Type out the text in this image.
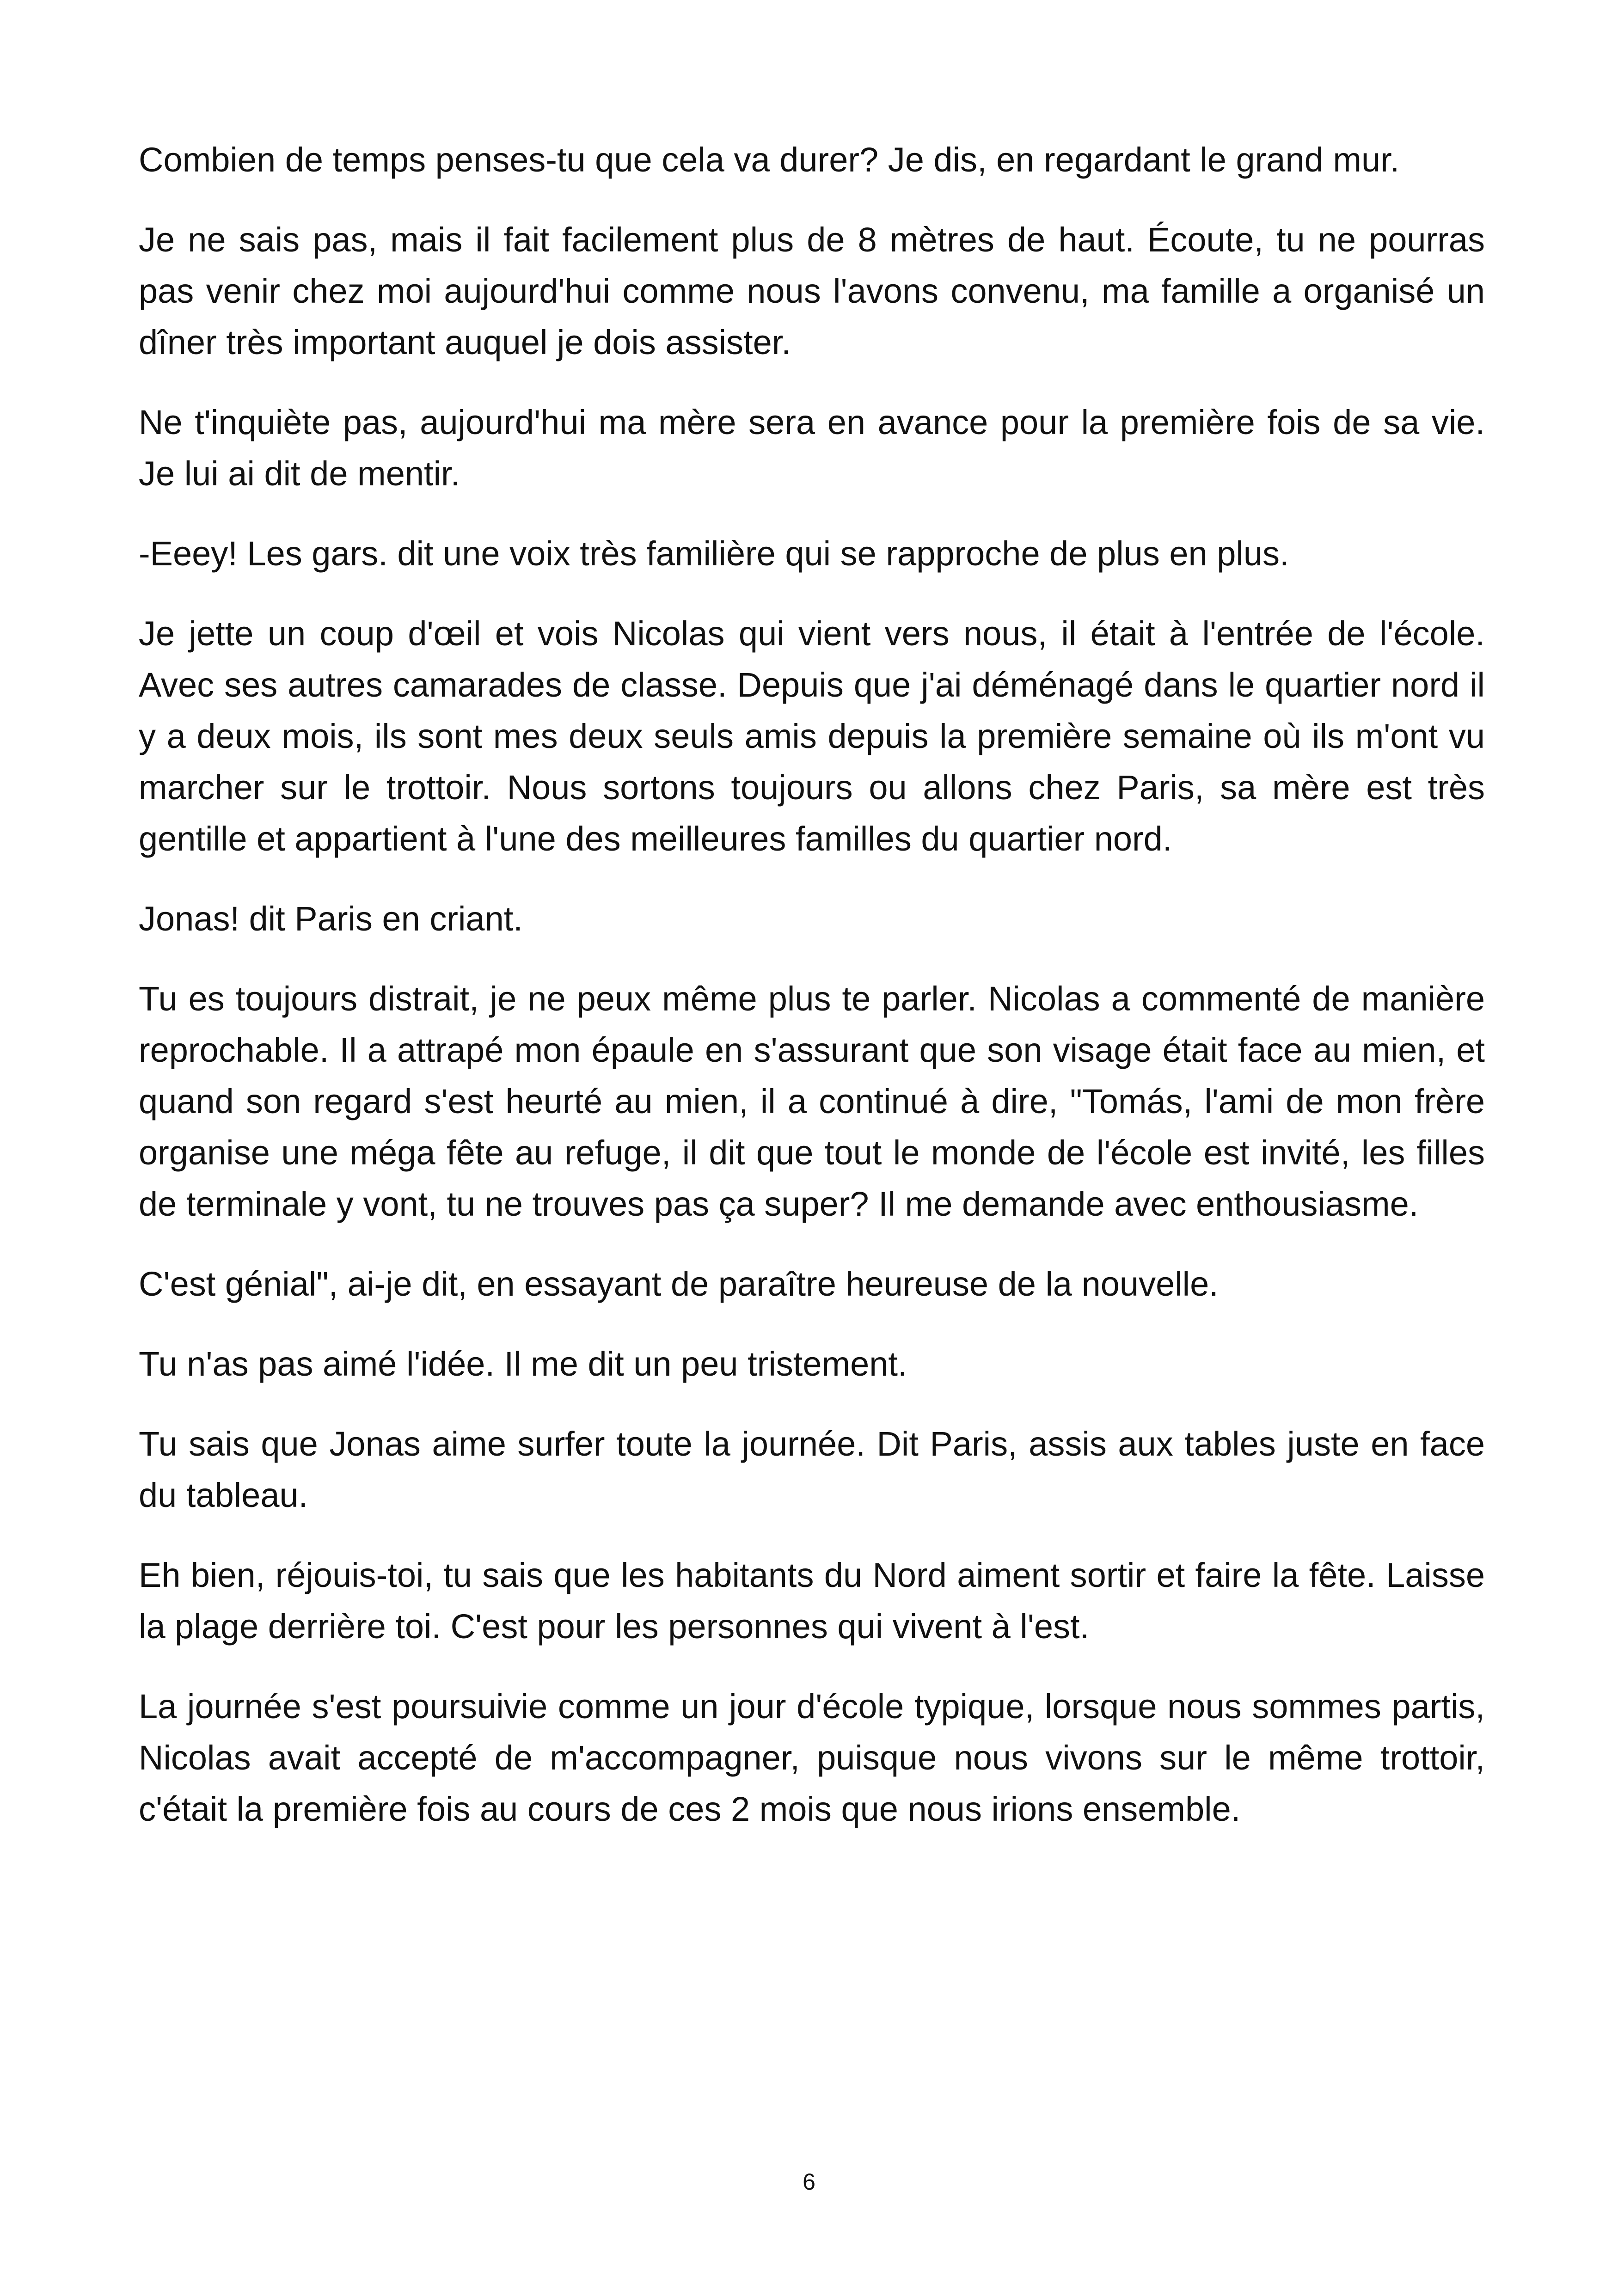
Combien de temps penses-tu que cela va durer? Je dis, en regardant le grand mur.

Je ne sais pas, mais il fait facilement plus de 8 mètres de haut. Écoute, tu ne pourras pas venir chez moi aujourd'hui comme nous l'avons convenu, ma famille a organisé un dîner très important auquel je dois assister.

Ne t'inquiète pas, aujourd'hui ma mère sera en avance pour la première fois de sa vie. Je lui ai dit de mentir.

-Eeey! Les gars. dit une voix très familière qui se rapproche de plus en plus.

Je jette un coup d'œil et vois Nicolas qui vient vers nous, il était à l'entrée de l'école. Avec ses autres camarades de classe. Depuis que j'ai déménagé dans le quartier nord il y a deux mois, ils sont mes deux seuls amis depuis la première semaine où ils m'ont vu marcher sur le trottoir. Nous sortons toujours ou allons chez Paris, sa mère est très gentille et appartient à l'une des meilleures familles du quartier nord.

Jonas! dit Paris en criant.

Tu es toujours distrait, je ne peux même plus te parler. Nicolas a commenté de manière reprochable. Il a attrapé mon épaule en s'assurant que son visage était face au mien, et quand son regard s'est heurté au mien, il a continué à dire, "Tomás, l'ami de mon frère organise une méga fête au refuge, il dit que tout le monde de l'école est invité, les filles de terminale y vont, tu ne trouves pas ça super? Il me demande avec enthousiasme.

C'est génial", ai-je dit, en essayant de paraître heureuse de la nouvelle.

Tu n'as pas aimé l'idée. Il me dit un peu tristement.

Tu sais que Jonas aime surfer toute la journée. Dit Paris, assis aux tables juste en face du tableau.

Eh bien, réjouis-toi, tu sais que les habitants du Nord aiment sortir et faire la fête. Laisse la plage derrière toi. C'est pour les personnes qui vivent à l'est.

La journée s'est poursuivie comme un jour d'école typique, lorsque nous sommes partis, Nicolas avait accepté de m'accompagner, puisque nous vivons sur le même trottoir, c'était la première fois au cours de ces 2 mois que nous irions ensemble.

6
